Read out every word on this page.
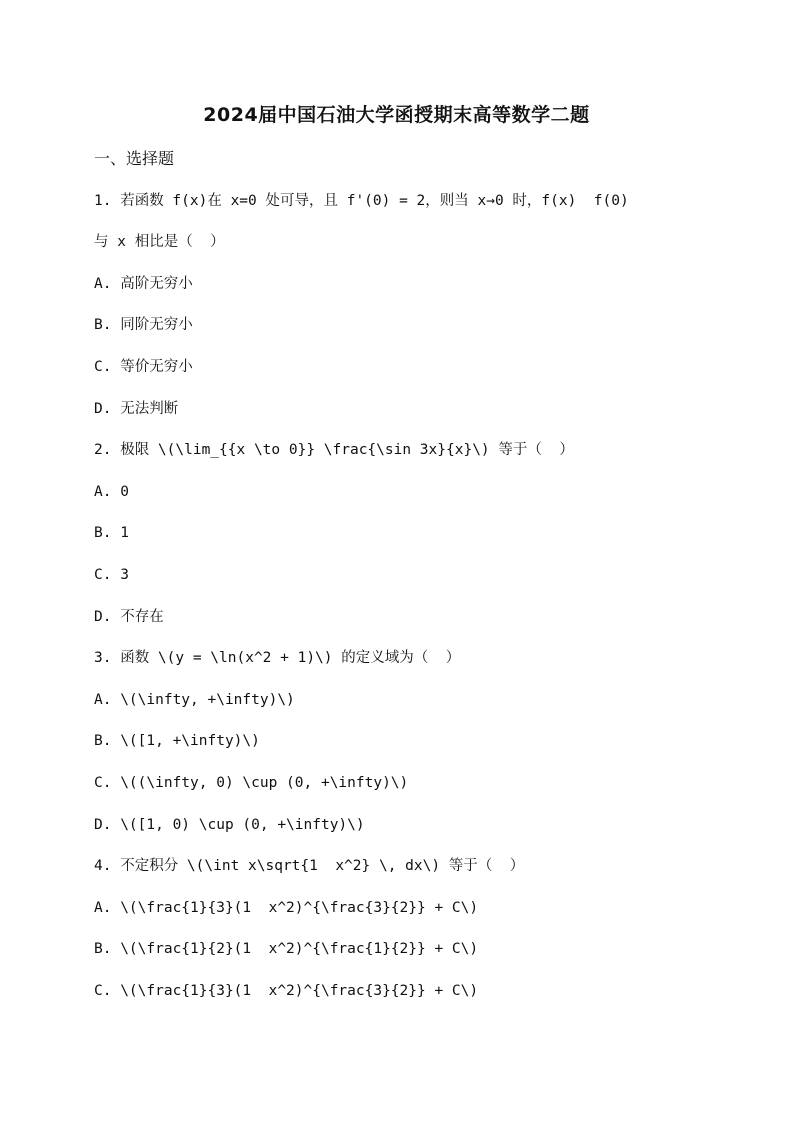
2024届中国石油大学函授期末高等数学二题
一、选择题
1. 若函数 f(x)在 x=0 处可导，且 f'(0) = 2，则当 x→0 时，f(x)  f(0)
与 x 相比是（  ）
A. 高阶无穷小
B. 同阶无穷小
C. 等价无穷小
D. 无法判断
2. 极限 \(\lim_{{x \to 0}} \frac{\sin 3x}{x}\) 等于（  ）
A. 0
B. 1
C. 3
D. 不存在
3. 函数 \(y = \ln(x^2 + 1)\) 的定义域为（  ）
A. \(\infty, +\infty)\)
B. \([1, +\infty)\)
C. \((\infty, 0) \cup (0, +\infty)\)
D. \([1, 0) \cup (0, +\infty)\)
4. 不定积分 \(\int x\sqrt{1  x^2} \, dx\) 等于（  ）
A. \(\frac{1}{3}(1  x^2)^{\frac{3}{2}} + C\)
B. \(\frac{1}{2}(1  x^2)^{\frac{1}{2}} + C\)
C. \(\frac{1}{3}(1  x^2)^{\frac{3}{2}} + C\)
